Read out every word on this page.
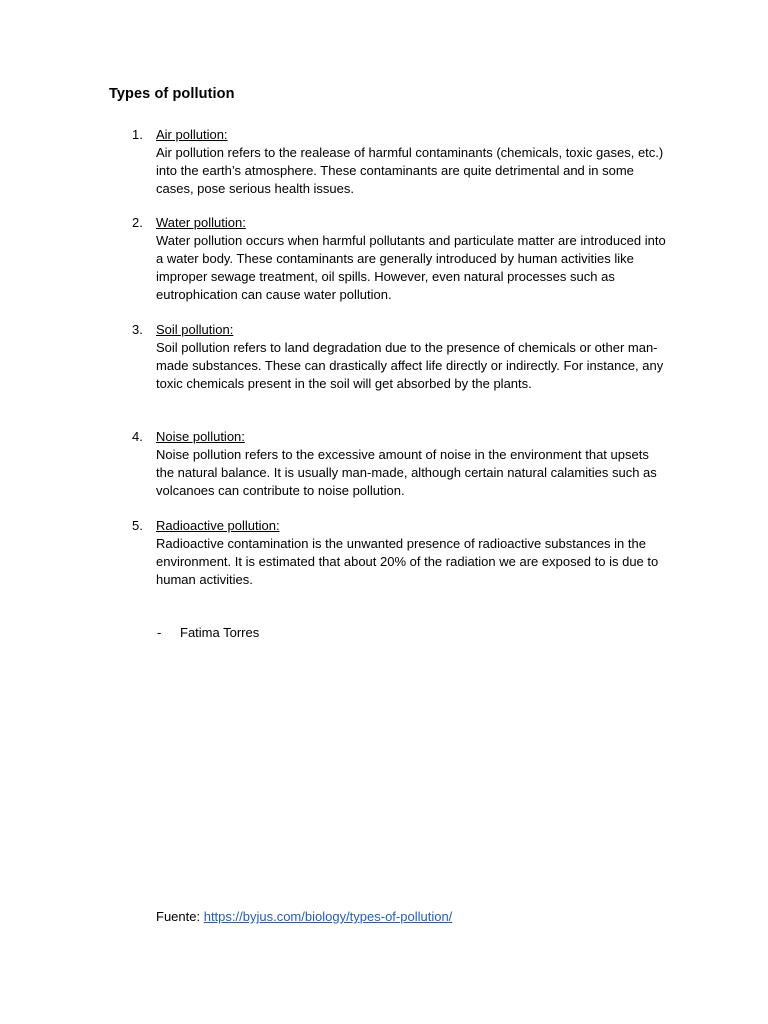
Types of pollution
1. Air pollution:
Air pollution refers to the realease of harmful contaminants (chemicals, toxic gases, etc.) into the earth’s atmosphere. These contaminants are quite detrimental and in some cases, pose serious health issues.
2. Water pollution:
Water pollution occurs when harmful pollutants and particulate matter are introduced into a water body. These contaminants are generally introduced by human activities like improper sewage treatment, oil spills. However, even natural processes such as eutrophication can cause water pollution.
3. Soil pollution:
Soil pollution refers to land degradation due to the presence of chemicals or other man-made substances. These can drastically affect life directly or indirectly. For instance, any toxic chemicals present in the soil will get absorbed by the plants.
4. Noise pollution:
Noise pollution refers to the excessive amount of noise in the environment that upsets the natural balance. It is usually man-made, although certain natural calamities such as volcanoes can contribute to noise pollution.
5. Radioactive pollution:
Radioactive contamination is the unwanted presence of radioactive substances in the environment. It is estimated that about 20% of the radiation we are exposed to is due to human activities.
- Fatima Torres
Fuente: https://byjus.com/biology/types-of-pollution/
